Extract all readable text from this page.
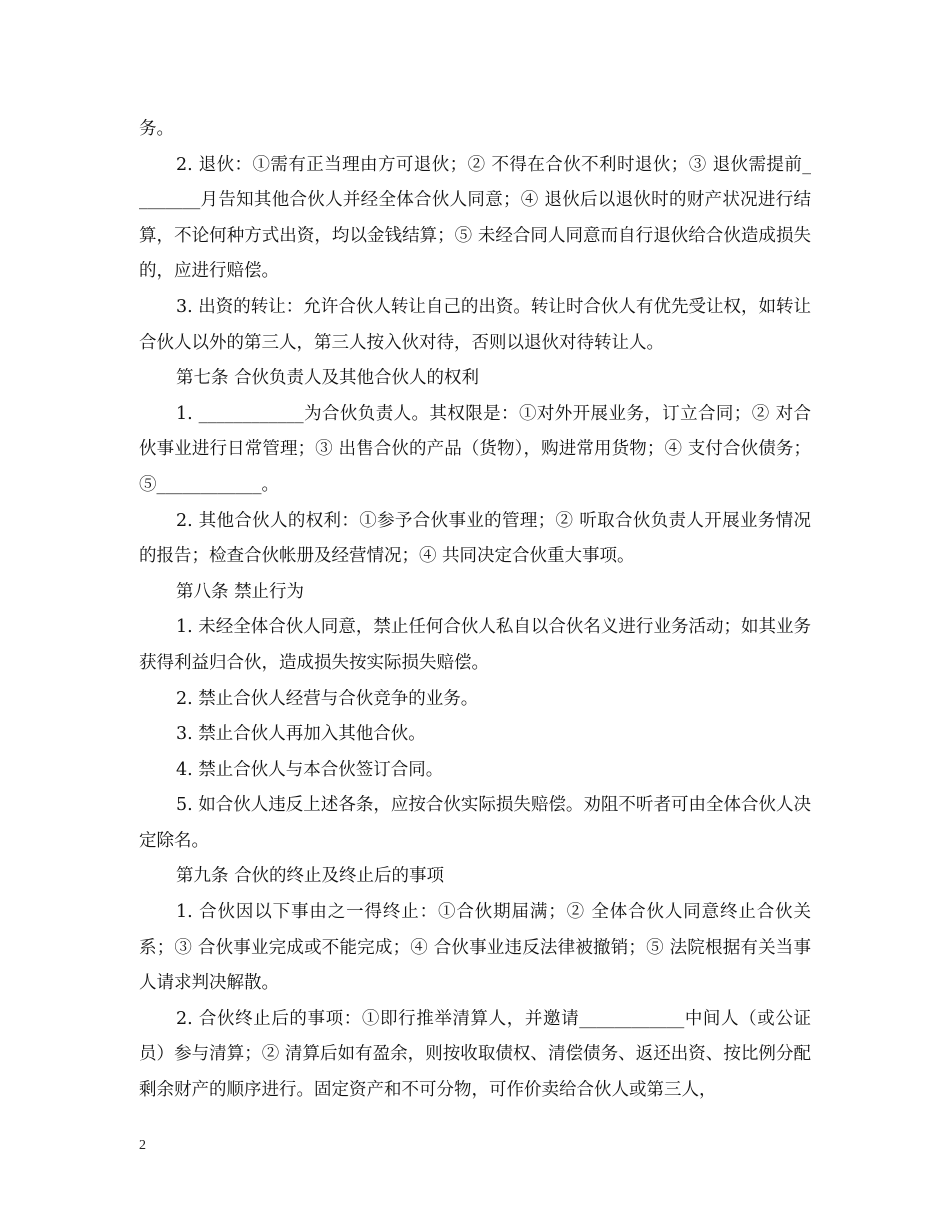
务。

2. 退伙：①需有正当理由方可退伙；② 不得在合伙不利时退伙；③ 退伙需提前_ _______月告知其他合伙人并经全体合伙人同意；④ 退伙后以退伙时的财产状况进行结算，不论何种方式出资，均以金钱结算；⑤ 未经合同人同意而自行退伙给合伙造成损失的，应进行赔偿。

3. 出资的转让：允许合伙人转让自己的出资。转让时合伙人有优先受让权，如转让合伙人以外的第三人，第三人按入伙对待，否则以退伙对待转让人。

第七条 合伙负责人及其他合伙人的权利

1. ____________为合伙负责人。其权限是：①对外开展业务，订立合同；② 对合伙事业进行日常管理；③ 出售合伙的产品（货物），购进常用货物；④ 支付合伙债务；⑤____________。

2. 其他合伙人的权利：①参予合伙事业的管理；② 听取合伙负责人开展业务情况的报告；检查合伙帐册及经营情况；④ 共同决定合伙重大事项。

第八条 禁止行为

1. 未经全体合伙人同意，禁止任何合伙人私自以合伙名义进行业务活动；如其业务获得利益归合伙，造成损失按实际损失赔偿。

2. 禁止合伙人经营与合伙竞争的业务。

3. 禁止合伙人再加入其他合伙。

4. 禁止合伙人与本合伙签订合同。

5. 如合伙人违反上述各条，应按合伙实际损失赔偿。劝阻不听者可由全体合伙人决定除名。

第九条 合伙的终止及终止后的事项

1. 合伙因以下事由之一得终止：①合伙期届满；② 全体合伙人同意终止合伙关系；③ 合伙事业完成或不能完成；④ 合伙事业违反法律被撤销；⑤ 法院根据有关当事人请求判决解散。

2. 合伙终止后的事项：①即行推举清算人，并邀请____________中间人（或公证员）参与清算；② 清算后如有盈余，则按收取债权、清偿债务、返还出资、按比例分配剩余财产的顺序进行。固定资产和不可分物，可作价卖给合伙人或第三人，

2
